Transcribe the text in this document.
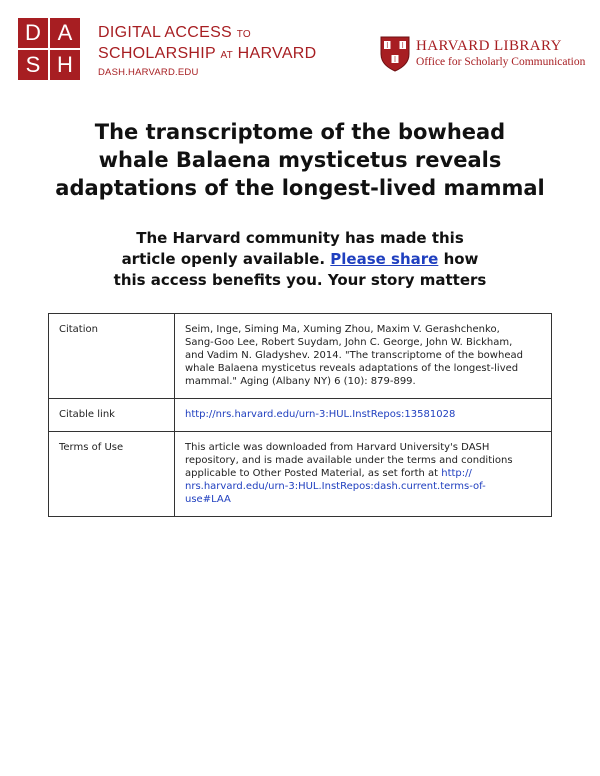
D A
S H
DIGITAL ACCESS TO
SCHOLARSHIP AT HARVARD
DASH.HARVARD.EDU
HARVARD LIBRARY
Office for Scholarly Communication
The transcriptome of the bowhead
whale Balaena mysticetus reveals
adaptations of the longest-lived mammal
The Harvard community has made this
article openly available. Please share how
this access benefits you. Your story matters
Citation	Seim, Inge, Siming Ma, Xuming Zhou, Maxim V. Gerashchenko,
Sang-Goo Lee, Robert Suydam, John C. George, John W. Bickham,
and Vadim N. Gladyshev. 2014. "The transcriptome of the bowhead
whale Balaena mysticetus reveals adaptations of the longest-lived
mammal." Aging (Albany NY) 6 (10): 879-899.

Citable link	http://nrs.harvard.edu/urn-3:HUL.InstRepos:13581028
Terms of Use	This article was downloaded from Harvard University's DASH
repository, and is made available under the terms and conditions
applicable to Other Posted Material, as set forth at http://
nrs.harvard.edu/urn-3:HUL.InstRepos:dash.current.terms-of-
use#LAA
